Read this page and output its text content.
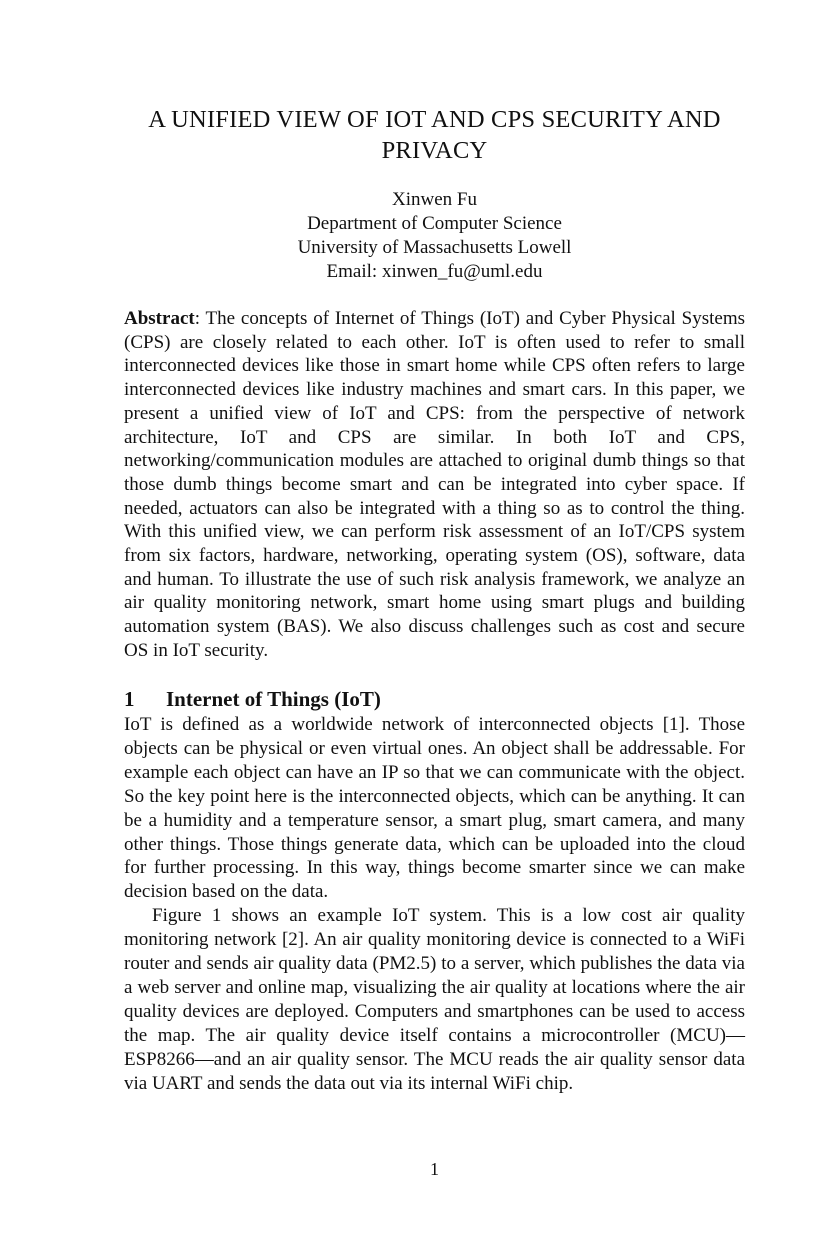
A UNIFIED VIEW OF IOT AND CPS SECURITY AND PRIVACY
Xinwen Fu
Department of Computer Science
University of Massachusetts Lowell
Email: xinwen_fu@uml.edu

Abstract: The concepts of Internet of Things (IoT) and Cyber Physical Systems (CPS) are closely related to each other. IoT is often used to refer to small interconnected devices like those in smart home while CPS often refers to large interconnected devices like industry machines and smart cars. In this paper, we present a unified view of IoT and CPS: from the perspective of network architecture, IoT and CPS are similar. In both IoT and CPS, networking/communication modules are attached to original dumb things so that those dumb things become smart and can be integrated into cyber space. If needed, actuators can also be integrated with a thing so as to control the thing. With this unified view, we can perform risk assessment of an IoT/CPS system from six factors, hardware, networking, operating system (OS), software, data and human. To illustrate the use of such risk analysis framework, we analyze an air quality monitoring network, smart home using smart plugs and building automation system (BAS). We also discuss challenges such as cost and secure OS in IoT security.

1 Internet of Things (IoT)

IoT is defined as a worldwide network of interconnected objects [1]. Those objects can be physical or even virtual ones. An object shall be addressable. For example each object can have an IP so that we can communicate with the object. So the key point here is the interconnected objects, which can be anything. It can be a humidity and a temperature sensor, a smart plug, smart camera, and many other things. Those things generate data, which can be uploaded into the cloud for further processing. In this way, things become smarter since we can make decision based on the data.

Figure 1 shows an example IoT system. This is a low cost air quality monitoring network [2]. An air quality monitoring device is connected to a WiFi router and sends air quality data (PM2.5) to a server, which publishes the data via a web server and online map, visualizing the air quality at locations where the air quality devices are deployed. Computers and smartphones can be used to access the map. The air quality device itself contains a microcontroller (MCU)—ESP8266—and an air quality sensor. The MCU reads the air quality sensor data via UART and sends the data out via its internal WiFi chip.

1
